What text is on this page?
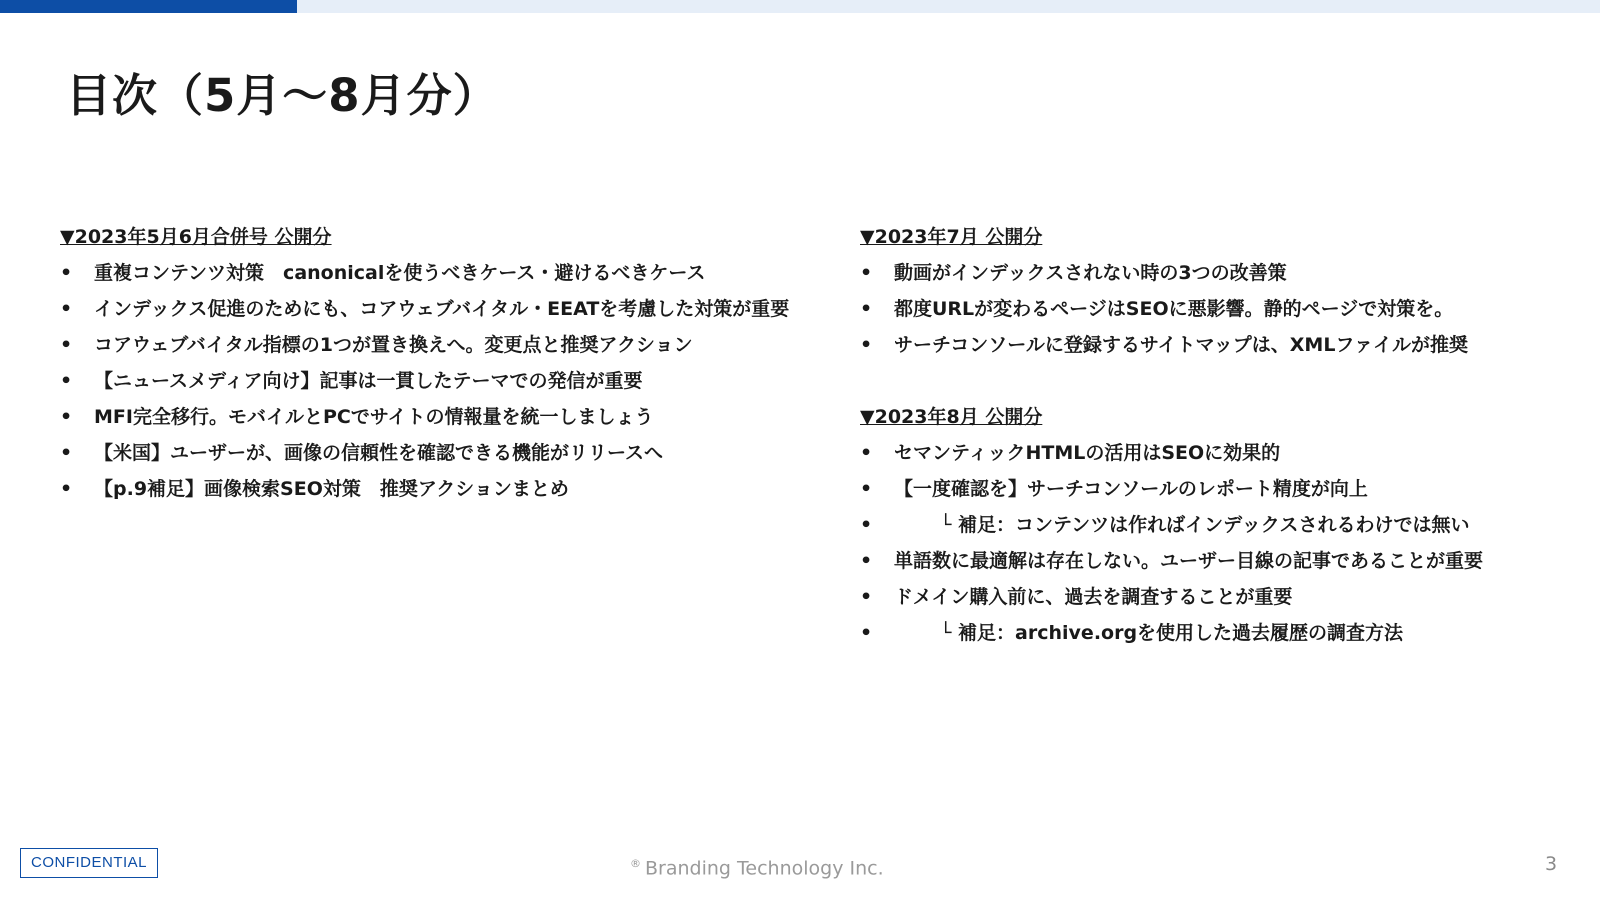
目次（5月～8月分）
▼2023年5月6月合併号 公開分
• 重複コンテンツ対策　canonicalを使うべきケース・避けるべきケース
• インデックス促進のためにも、コアウェブバイタル・EEATを考慮した対策が重要
• コアウェブバイタル指標の1つが置き換えへ。変更点と推奨アクション
• 【ニュースメディア向け】記事は一貫したテーマでの発信が重要
• MFI完全移行。モバイルとPCでサイトの情報量を統一しましょう
• 【米国】ユーザーが、画像の信頼性を確認できる機能がリリースへ
• 【p.9補足】画像検索SEO対策　推奨アクションまとめ
▼2023年7月 公開分
• 動画がインデックスされない時の3つの改善策
• 都度URLが変わるページはSEOに悪影響。静的ページで対策を。
• サーチコンソールに登録するサイトマップは、XMLファイルが推奨
▼2023年8月 公開分
• セマンティックHTMLの活用はSEOに効果的
• 【一度確認を】サーチコンソールのレポート精度が向上
•	└ 補足：コンテンツは作ればインデックスされるわけでは無い
• 単語数に最適解は存在しない。ユーザー目線の記事であることが重要
• ドメイン購入前に、過去を調査することが重要
•	└ 補足：archive.orgを使用した過去履歴の調査方法
CONFIDENTIAL	® Branding Technology Inc.	3
